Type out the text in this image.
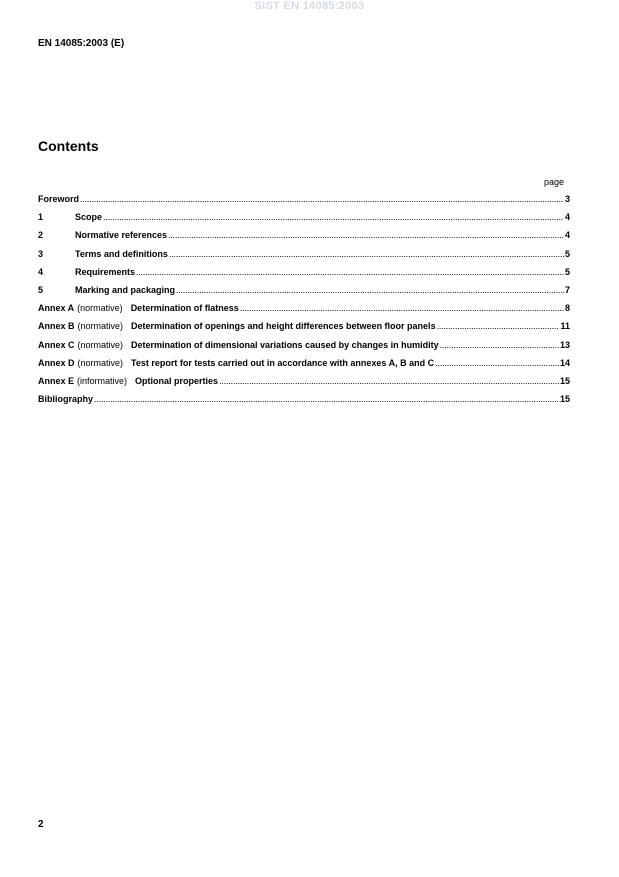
SIST EN 14085:2003
EN 14085:2003 (E)
Contents
page
Foreword .....	3
1	Scope .....	4
2	Normative references .....	4
3	Terms and definitions .....	5
4	Requirements .....	5
5	Marking and packaging .....	7
Annex A (normative) Determination of flatness .....	8
Annex B (normative) Determination of openings and height differences between floor panels .....	11
Annex C (normative) Determination of dimensional variations caused by changes in humidity .....	13
Annex D (normative) Test report for tests carried out in accordance with annexes A, B and C .....	14
Annex E (informative) Optional properties .....	15
Bibliography .....	15
2
